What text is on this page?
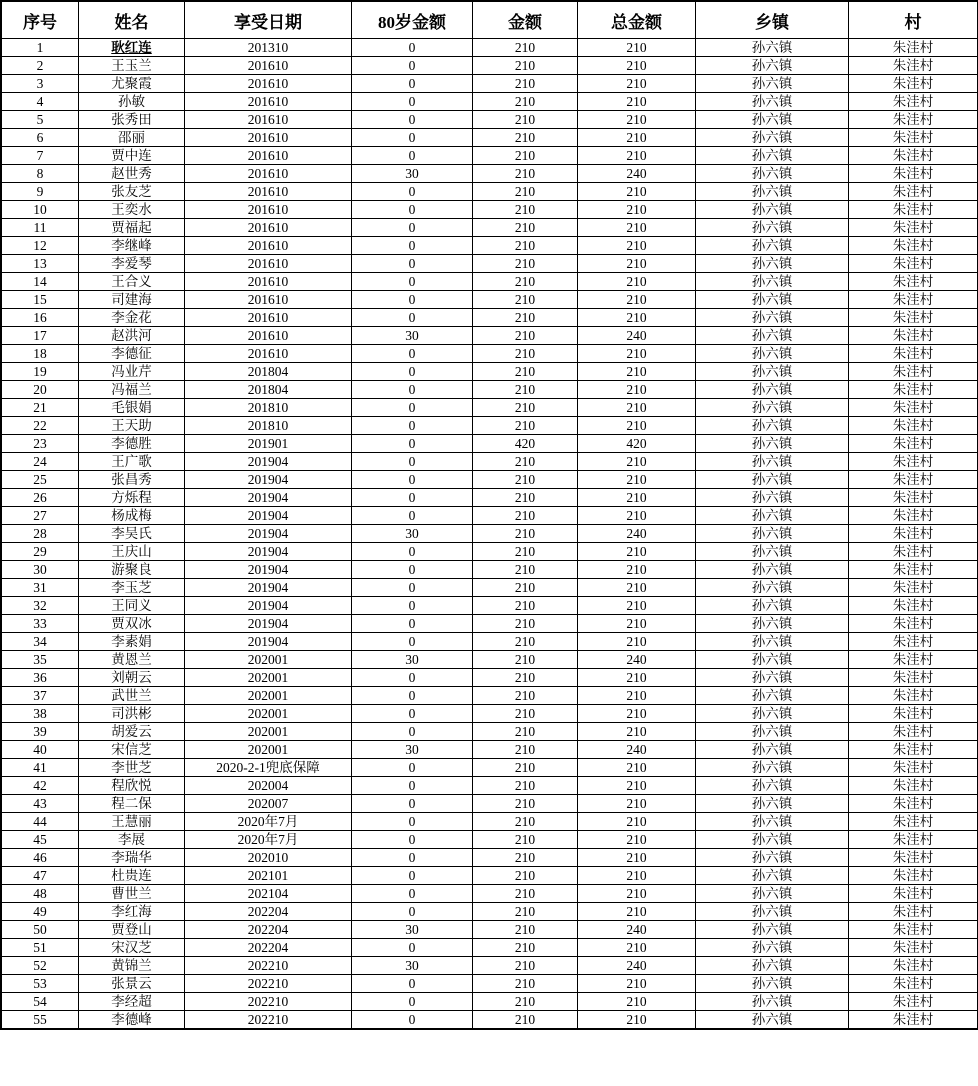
序号	姓名	享受日期	80岁金额	金额	总金额	乡镇	村
1	耿红连	201310	0	210	210	孙六镇	朱洼村
2	王玉兰	201610	0	210	210	孙六镇	朱洼村
3	尤聚霞	201610	0	210	210	孙六镇	朱洼村
4	孙敏	201610	0	210	210	孙六镇	朱洼村
5	张秀田	201610	0	210	210	孙六镇	朱洼村
6	邵丽	201610	0	210	210	孙六镇	朱洼村
7	贾中连	201610	0	210	210	孙六镇	朱洼村
8	赵世秀	201610	30	210	240	孙六镇	朱洼村
9	张友芝	201610	0	210	210	孙六镇	朱洼村
10	王奕水	201610	0	210	210	孙六镇	朱洼村
11	贾福起	201610	0	210	210	孙六镇	朱洼村
12	李继峰	201610	0	210	210	孙六镇	朱洼村
13	李爱琴	201610	0	210	210	孙六镇	朱洼村
14	王合义	201610	0	210	210	孙六镇	朱洼村
15	司建海	201610	0	210	210	孙六镇	朱洼村
16	李金花	201610	0	210	210	孙六镇	朱洼村
17	赵洪河	201610	30	210	240	孙六镇	朱洼村
18	李德征	201610	0	210	210	孙六镇	朱洼村
19	冯业芹	201804	0	210	210	孙六镇	朱洼村
20	冯福兰	201804	0	210	210	孙六镇	朱洼村
21	毛银娟	201810	0	210	210	孙六镇	朱洼村
22	王天助	201810	0	210	210	孙六镇	朱洼村
23	李德胜	201901	0	420	420	孙六镇	朱洼村
24	王广歌	201904	0	210	210	孙六镇	朱洼村
25	张昌秀	201904	0	210	210	孙六镇	朱洼村
26	方烁程	201904	0	210	210	孙六镇	朱洼村
27	杨成梅	201904	0	210	210	孙六镇	朱洼村
28	李吴氏	201904	30	210	240	孙六镇	朱洼村
29	王庆山	201904	0	210	210	孙六镇	朱洼村
30	游聚良	201904	0	210	210	孙六镇	朱洼村
31	李玉芝	201904	0	210	210	孙六镇	朱洼村
32	王同义	201904	0	210	210	孙六镇	朱洼村
33	贾双冰	201904	0	210	210	孙六镇	朱洼村
34	李素娟	201904	0	210	210	孙六镇	朱洼村
35	黄恩兰	202001	30	210	240	孙六镇	朱洼村
36	刘朝云	202001	0	210	210	孙六镇	朱洼村
37	武世兰	202001	0	210	210	孙六镇	朱洼村
38	司洪彬	202001	0	210	210	孙六镇	朱洼村
39	胡爱云	202001	0	210	210	孙六镇	朱洼村
40	宋信芝	202001	30	210	240	孙六镇	朱洼村
41	李世芝	2020-2-1兜底保障	0	210	210	孙六镇	朱洼村
42	程欣悦	202004	0	210	210	孙六镇	朱洼村
43	程二保	202007	0	210	210	孙六镇	朱洼村
44	王慧丽	2020年7月	0	210	210	孙六镇	朱洼村
45	李展	2020年7月	0	210	210	孙六镇	朱洼村
46	李瑞华	202010	0	210	210	孙六镇	朱洼村
47	杜贵连	202101	0	210	210	孙六镇	朱洼村
48	曹世兰	202104	0	210	210	孙六镇	朱洼村
49	李红海	202204	0	210	210	孙六镇	朱洼村
50	贾登山	202204	30	210	240	孙六镇	朱洼村
51	宋汉芝	202204	0	210	210	孙六镇	朱洼村
52	黄锦兰	202210	30	210	240	孙六镇	朱洼村
53	张景云	202210	0	210	210	孙六镇	朱洼村
54	李经超	202210	0	210	210	孙六镇	朱洼村
55	李德峰	202210	0	210	210	孙六镇	朱洼村
